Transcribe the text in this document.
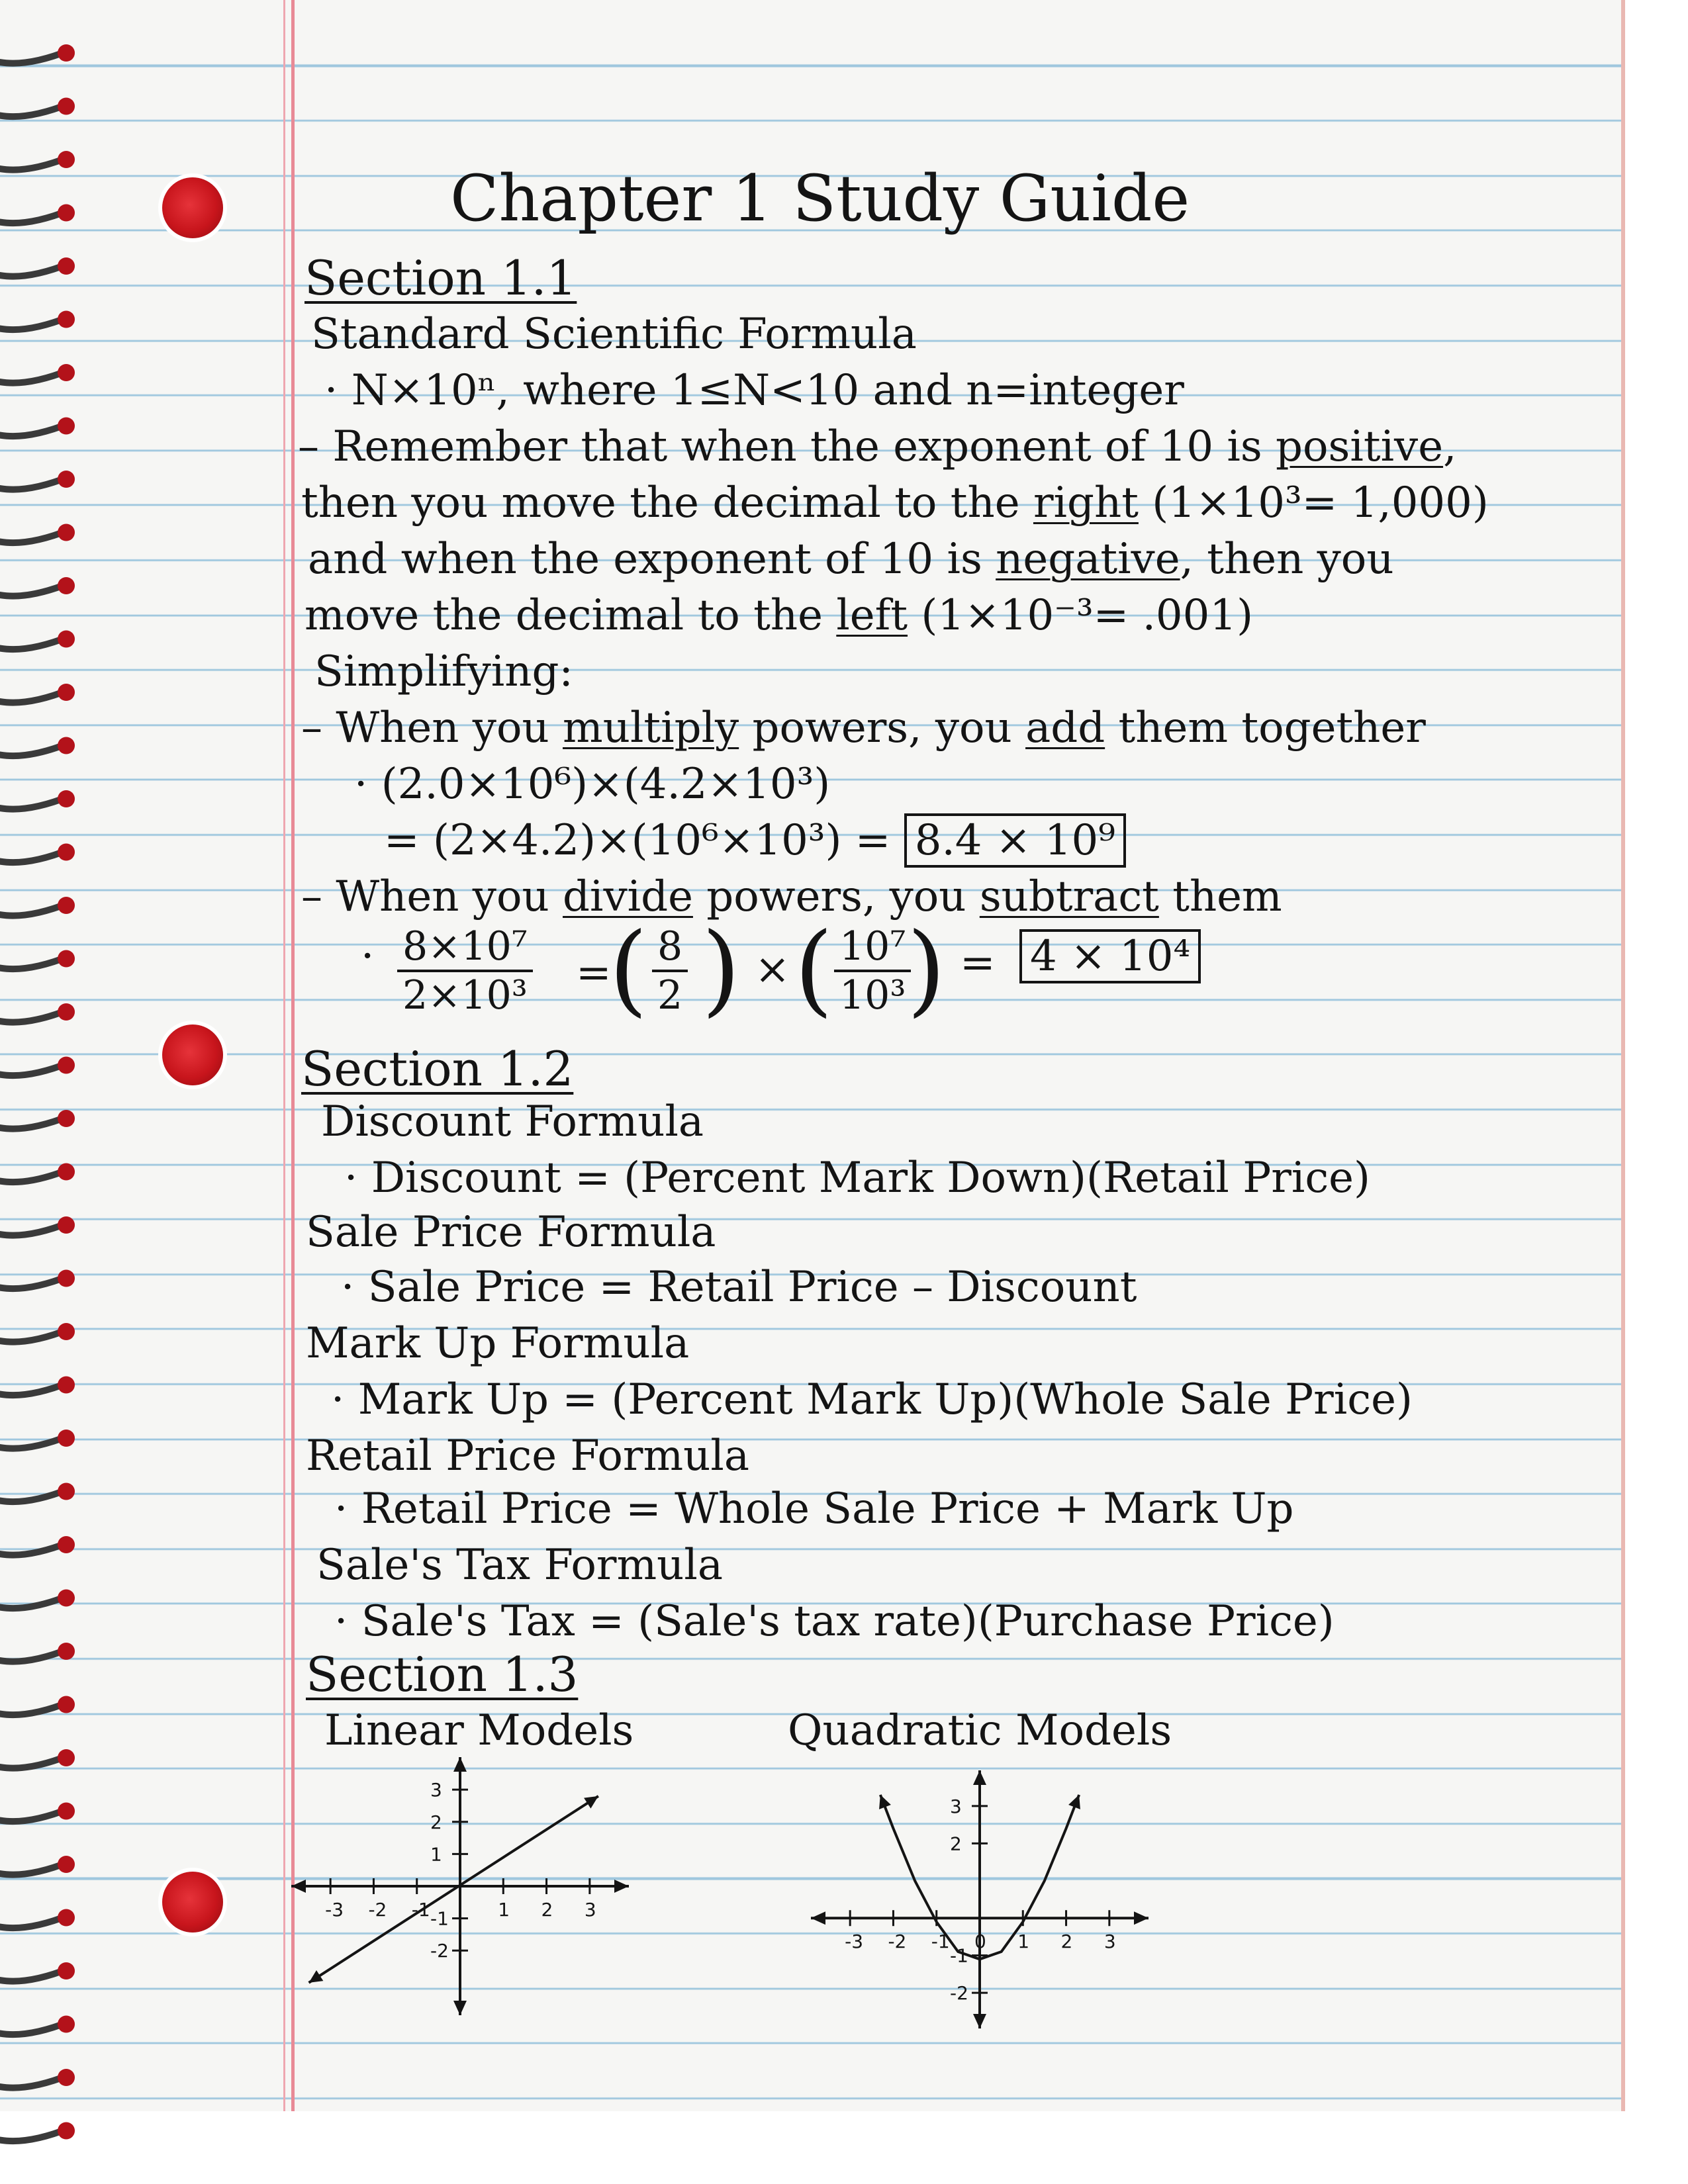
Chapter 1 Study Guide
Section 1.1
Standard Scientific Formula
· N×10ⁿ, where 1≤N<10 and n=integer
– Remember that when the exponent of 10 is positive,
then you move the decimal to the right (1×10³= 1,000)
and when the exponent of 10 is negative, then you
move the decimal to the left (1×10⁻³= .001)
Simplifying:
– When you multiply powers, you add them together
· (2.0×10⁶)×(4.2×10³)
= (2×4.2)×(10⁶×10³) = 8.4 × 10⁹
– When you divide powers, you subtract them
· $\frac{\text{8×10⁷}}{\text{2×10³}}$ =
( $\frac{8}{2}$ ) × ( $\frac{\text{10⁷}}{\text{10³}}$
) = 4 × 10⁴
Section 1.2
Discount Formula
· Discount = (Percent Mark Down)(Retail Price)
Sale Price Formula
· Sale Price = Retail Price – Discount
Mark Up Formula
· Mark Up = (Percent Mark Up)(Whole Sale Price)
Retail Price Formula
· Retail Price = Whole Sale Price + Mark Up
Sale's Tax Formula
· Sale's Tax = (Sale's tax rate)(Purchase Price)
Section 1.3
Linear Models	Quadratic Models
-3 -2 -1	1 2 3
3
2
1
-1
-2	-3 -2 -1 0 1 2 3
3
2
-1
-2
